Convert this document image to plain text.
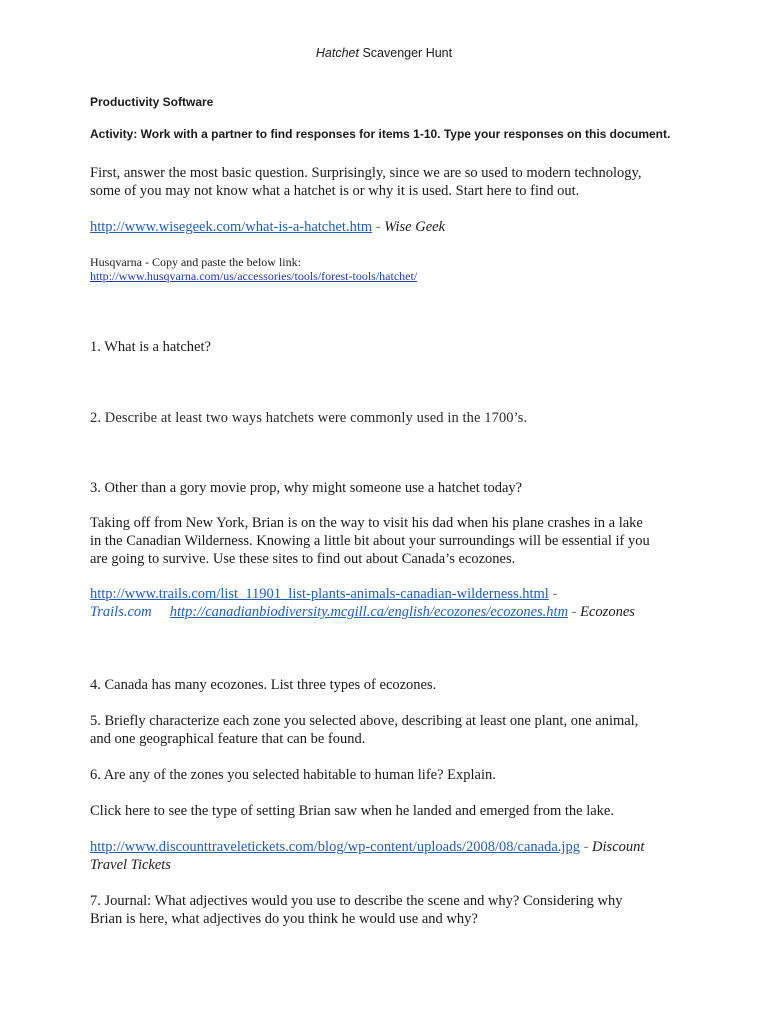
Hatchet Scavenger Hunt
Productivity Software
Activity: Work with a partner to find responses for items 1-10. Type your responses on this document.

First, answer the most basic question. Surprisingly, since we are so used to modern technology,
some of you may not know what a hatchet is or why it is used. Start here to find out.

http://www.wisegeek.com/what-is-a-hatchet.htm - Wise Geek
Husqvarna - Copy and paste the below link:
http://www.husqvarna.com/us/accessories/tools/forest-tools/hatchet/

1. What is a hatchet?

2. Describe at least two ways hatchets were commonly used in the 1700’s.

3. Other than a gory movie prop, why might someone use a hatchet today?

Taking off from New York, Brian is on the way to visit his dad when his plane crashes in a lake
in the Canadian Wilderness. Knowing a little bit about your surroundings will be essential if you
are going to survive. Use these sites to find out about Canada’s ecozones.

http://www.trails.com/list_11901_list-plants-animals-canadian-wilderness.html -
Trails.com http://canadianbiodiversity.mcgill.ca/english/ecozones/ecozones.htm - Ecozones

4. Canada has many ecozones. List three types of ecozones.

5. Briefly characterize each zone you selected above, describing at least one plant, one animal,
and one geographical feature that can be found.

6. Are any of the zones you selected habitable to human life? Explain.

Click here to see the type of setting Brian saw when he landed and emerged from the lake.

http://www.discounttraveletickets.com/blog/wp-content/uploads/2008/08/canada.jpg - Discount
Travel Tickets

7. Journal: What adjectives would you use to describe the scene and why? Considering why
Brian is here, what adjectives do you think he would use and why?
